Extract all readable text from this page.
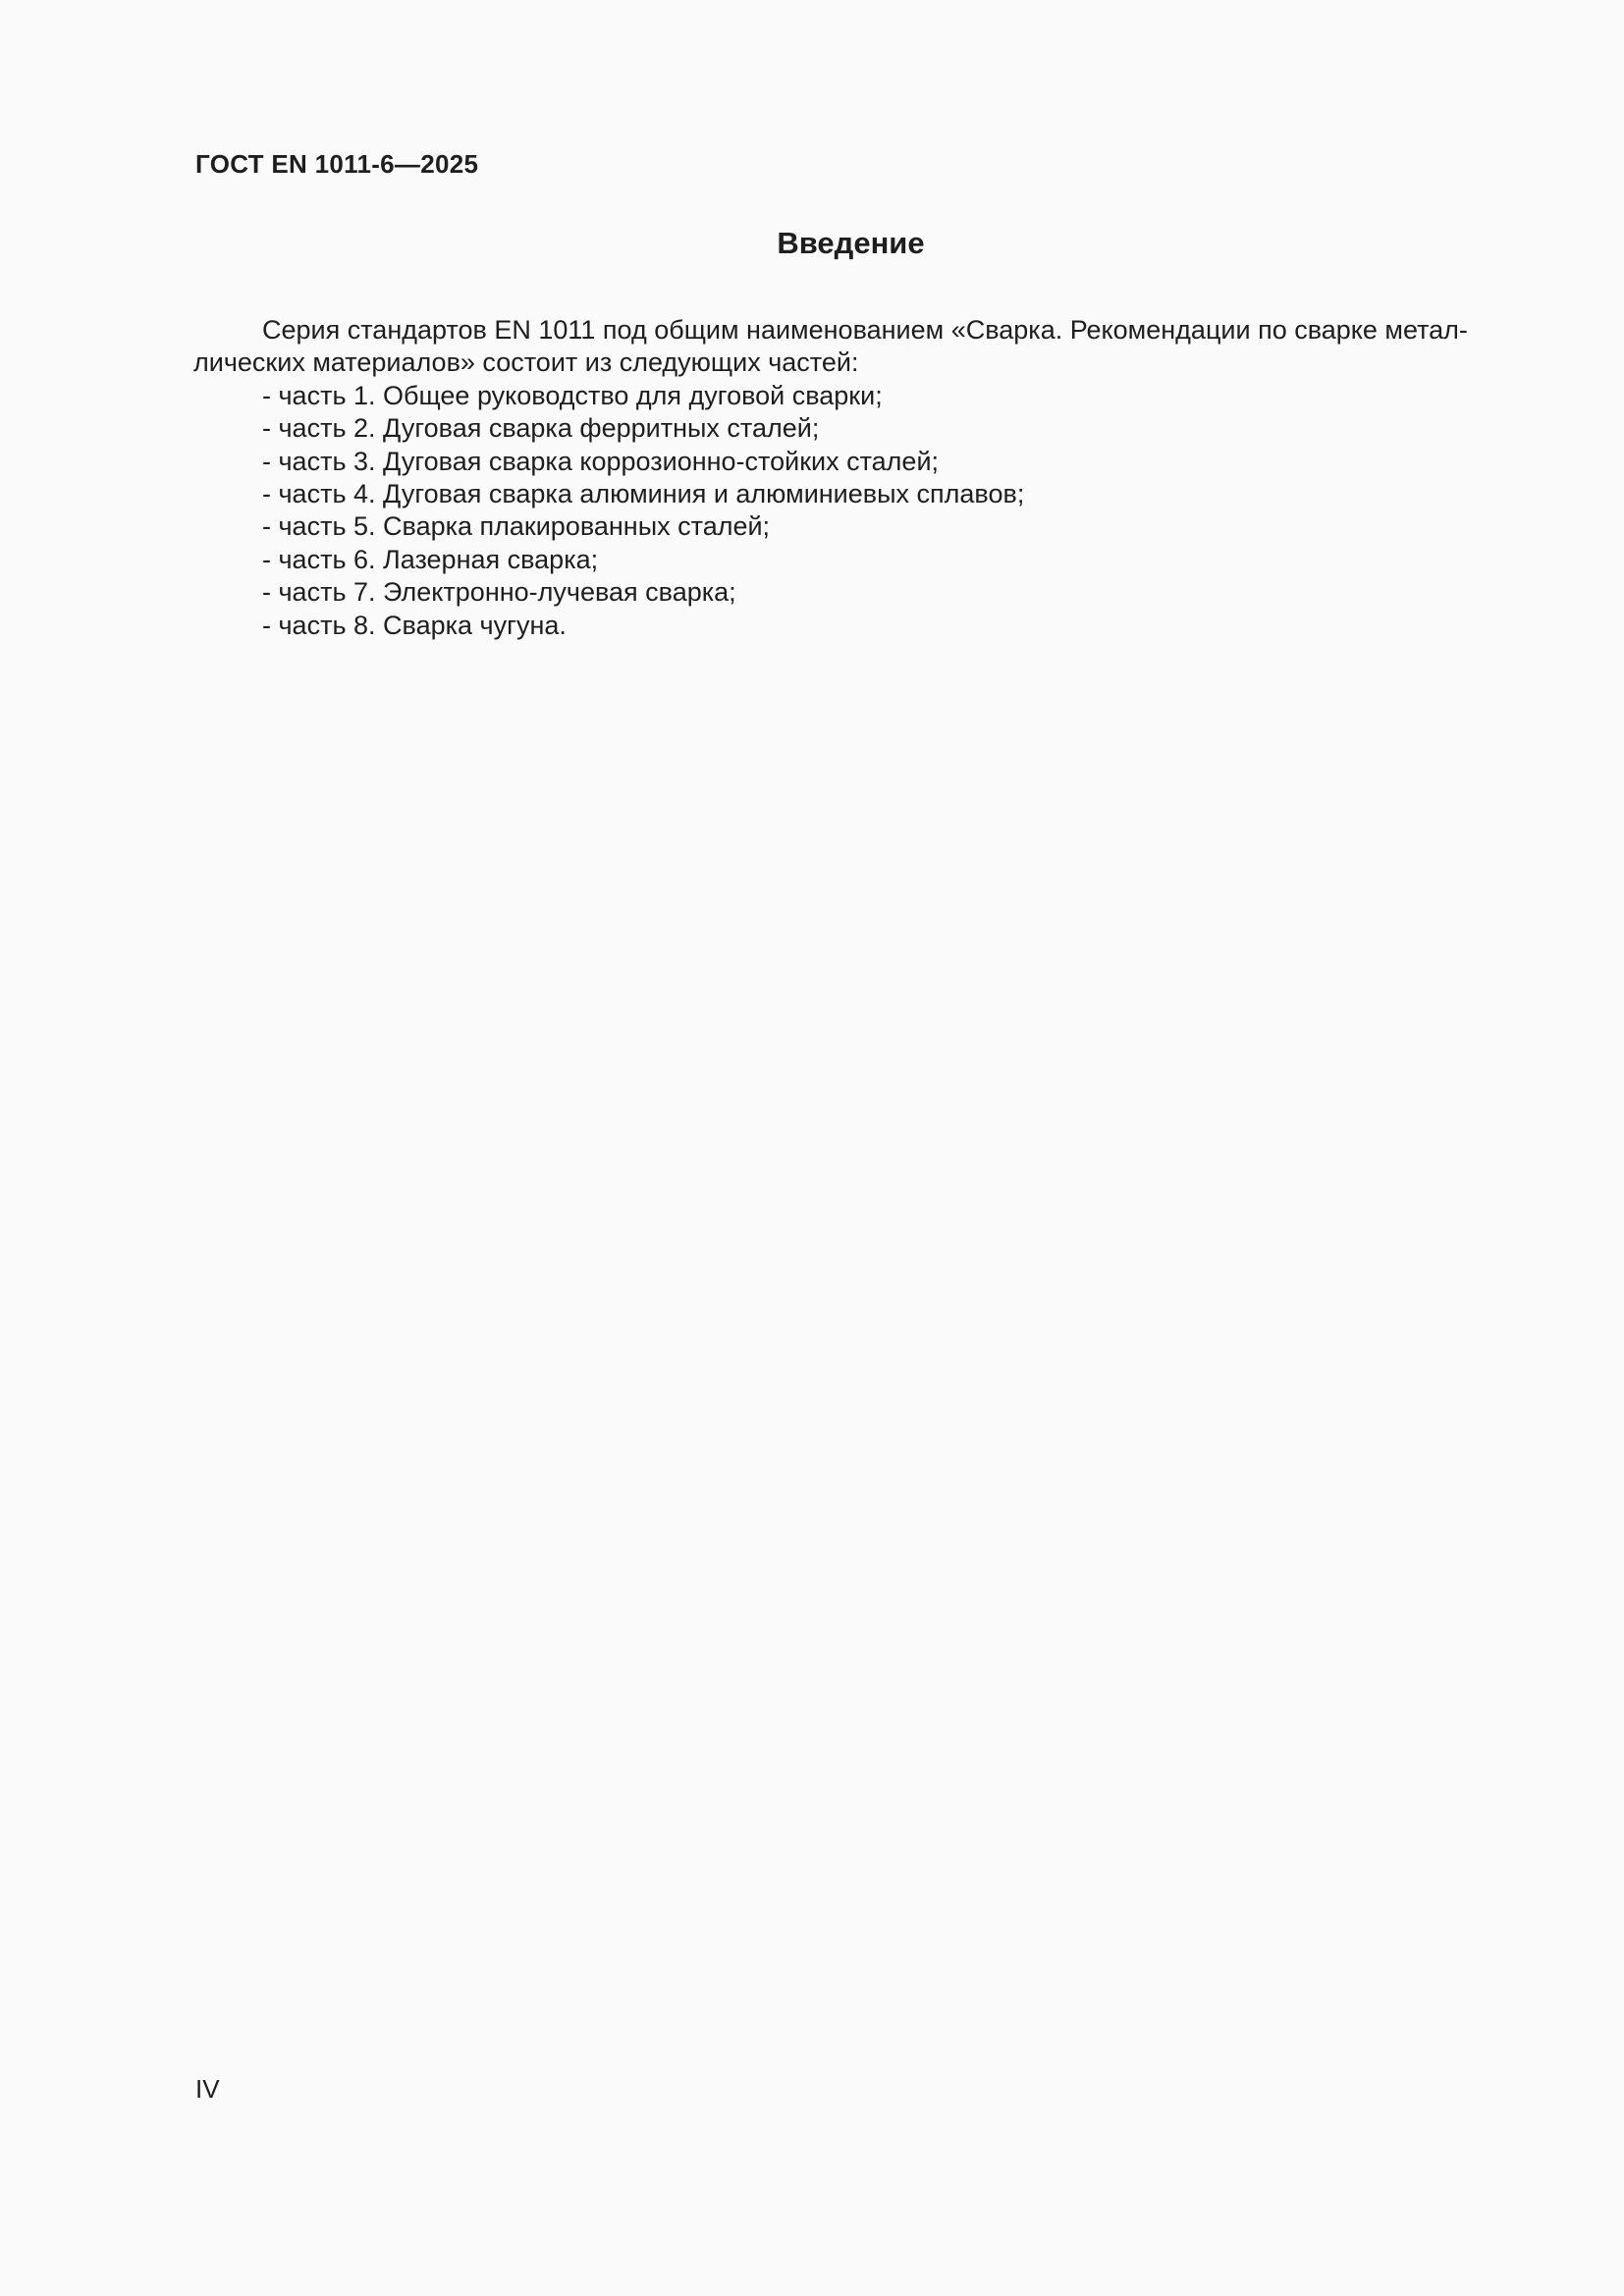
ГОСТ EN 1011-6—2025
Введение
Серия стандартов EN 1011 под общим наименованием «Сварка. Рекомендации по сварке метал-
лических материалов» состоит из следующих частей:
- часть 1. Общее руководство для дуговой сварки;
- часть 2. Дуговая сварка ферритных сталей;
- часть 3. Дуговая сварка коррозионно-стойких сталей;
- часть 4. Дуговая сварка алюминия и алюминиевых сплавов;
- часть 5. Сварка плакированных сталей;
- часть 6. Лазерная сварка;
- часть 7. Электронно-лучевая сварка;
- часть 8. Сварка чугуна.
IV
